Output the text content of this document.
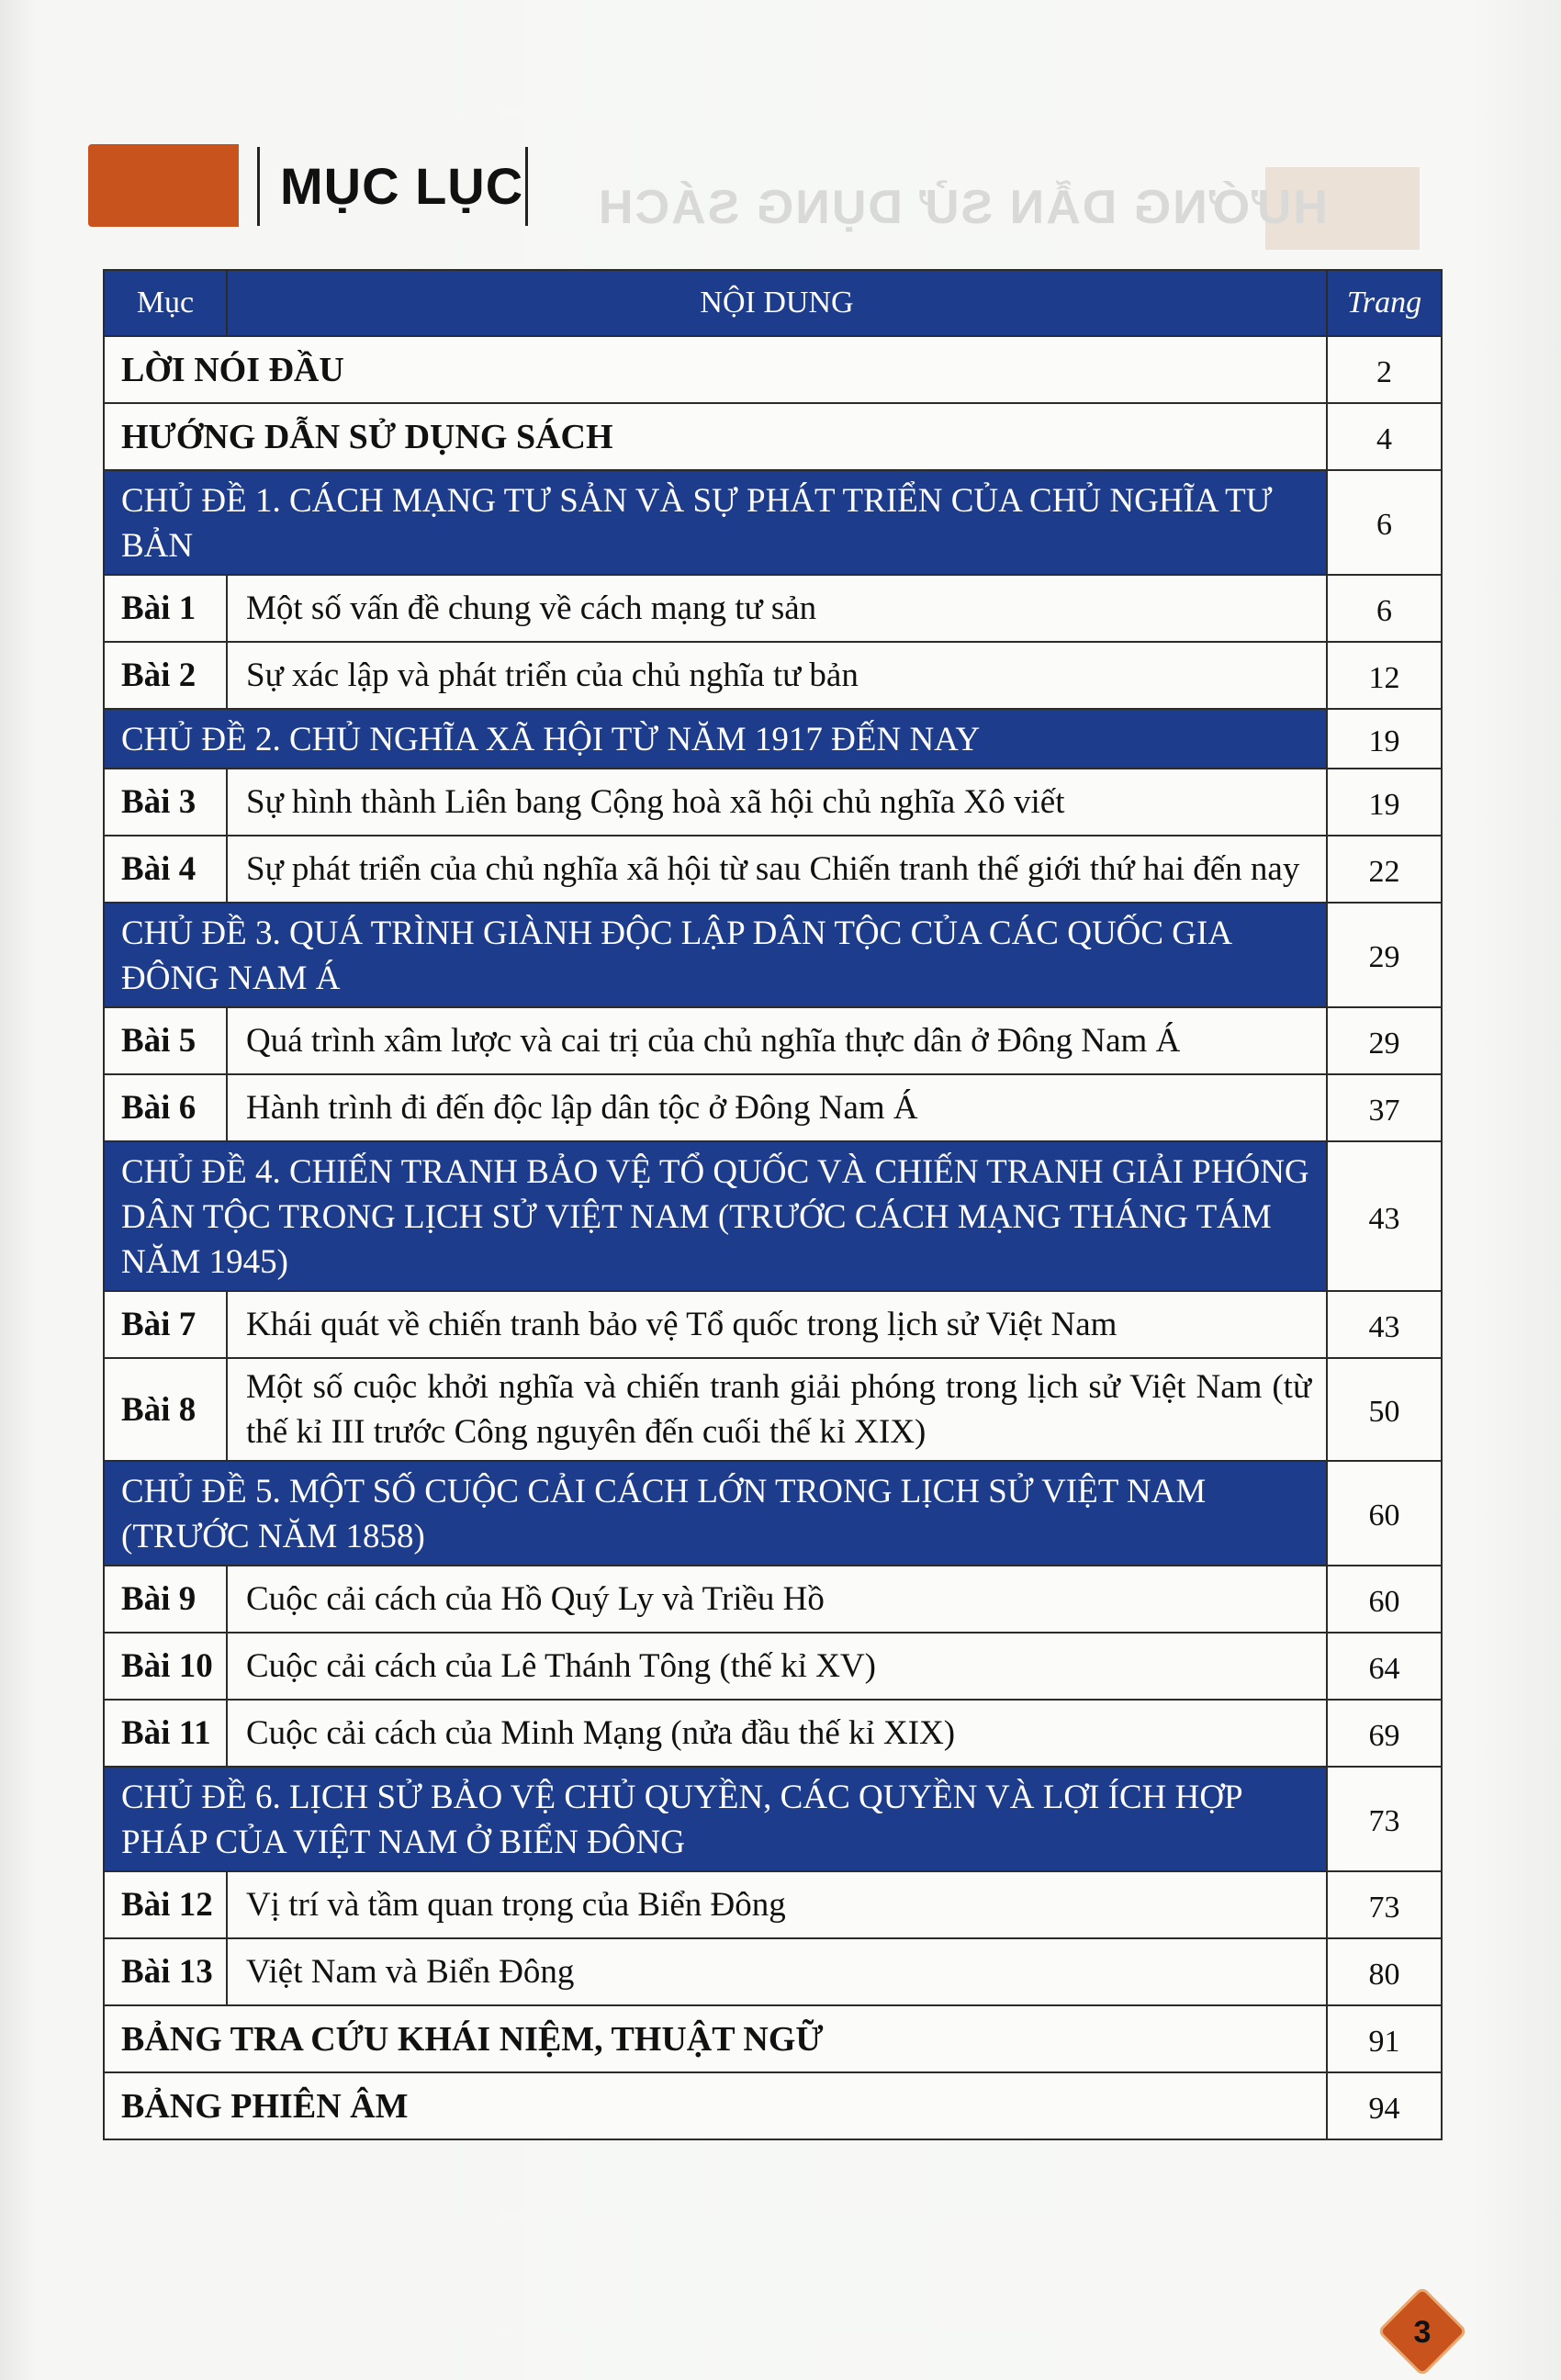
HƯỚNG DẪN SỬ DỤNG SÁCH
MỤC LỤC
Mục	NỘI DUNG	Trang
LỜI NÓI ĐẦU		2
HƯỚNG DẪN SỬ DỤNG SÁCH		4
CHỦ ĐỀ 1. CÁCH MẠNG TƯ SẢN VÀ SỰ PHÁT TRIỂN CỦA CHỦ NGHĨA TƯ BẢN		6
Bài 1	Một số vấn đề chung về cách mạng tư sản	6
Bài 2	Sự xác lập và phát triển của chủ nghĩa tư bản	12
CHỦ ĐỀ 2. CHỦ NGHĨA XÃ HỘI TỪ NĂM 1917 ĐẾN NAY		19
Bài 3	Sự hình thành Liên bang Cộng hoà xã hội chủ nghĩa Xô viết	19
Bài 4	Sự phát triển của chủ nghĩa xã hội từ sau Chiến tranh thế giới thứ hai đến nay	22
CHỦ ĐỀ 3. QUÁ TRÌNH GIÀNH ĐỘC LẬP DÂN TỘC CỦA CÁC QUỐC GIA ĐÔNG NAM Á		29
Bài 5	Quá trình xâm lược và cai trị của chủ nghĩa thực dân ở Đông Nam Á	29
Bài 6	Hành trình đi đến độc lập dân tộc ở Đông Nam Á	37
CHỦ ĐỀ 4. CHIẾN TRANH BẢO VỆ TỔ QUỐC VÀ CHIẾN TRANH GIẢI PHÓNG DÂN TỘC TRONG LỊCH SỬ VIỆT NAM (TRƯỚC CÁCH MẠNG THÁNG TÁM NĂM 1945)		43
Bài 7	Khái quát về chiến tranh bảo vệ Tổ quốc trong lịch sử Việt Nam	43
Bài 8	Một số cuộc khởi nghĩa và chiến tranh giải phóng trong lịch sử Việt Nam (từ thế kỉ III trước Công nguyên đến cuối thế kỉ XIX)	50
CHỦ ĐỀ 5. MỘT SỐ CUỘC CẢI CÁCH LỚN TRONG LỊCH SỬ VIỆT NAM (TRƯỚC NĂM 1858)		60
Bài 9	Cuộc cải cách của Hồ Quý Ly và Triều Hồ	60
Bài 10	Cuộc cải cách của Lê Thánh Tông (thế kỉ XV)	64
Bài 11	Cuộc cải cách của Minh Mạng (nửa đầu thế kỉ XIX)	69
CHỦ ĐỀ 6. LỊCH SỬ BẢO VỆ CHỦ QUYỀN, CÁC QUYỀN VÀ LỢI ÍCH HỢP PHÁP CỦA VIỆT NAM Ở BIỂN ĐÔNG		73
Bài 12	Vị trí và tầm quan trọng của Biển Đông	73
Bài 13	Việt Nam và Biển Đông	80
BẢNG TRA CỨU KHÁI NIỆM, THUẬT NGỮ		91
BẢNG PHIÊN ÂM		94
3
